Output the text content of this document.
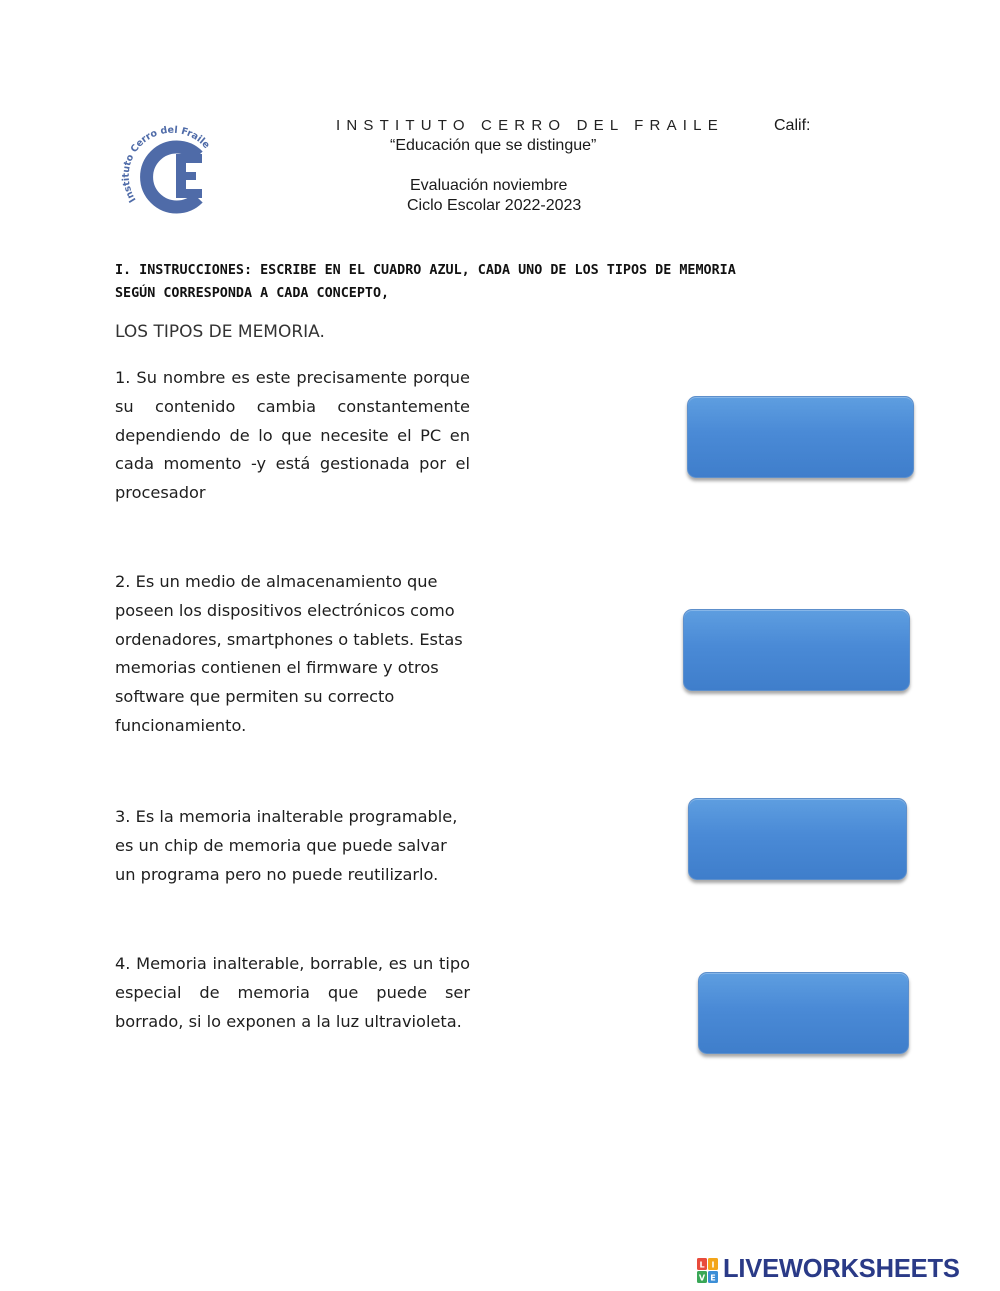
Instituto Cerro del Fraile
INSTITUTO CERRO DEL FRAILE	Calif:
“Educación que se distingue”
Evaluación noviembre
Ciclo Escolar 2022-2023
I. INSTRUCCIONES: ESCRIBE EN EL CUADRO AZUL, CADA UNO DE LOS TIPOS DE MEMORIA
SEGÚN CORRESPONDA A CADA CONCEPTO,
LOS TIPOS DE MEMORIA.
1. Su nombre es este precisamente porque su contenido cambia constantemente dependiendo de lo que necesite el PC en cada momento -y está gestionada por el procesador
2. Es un medio de almacenamiento que poseen los dispositivos electrónicos como ordenadores, smartphones o tablets. Estas memorias contienen el firmware y otros software que permiten su correcto funcionamiento.
3. Es la memoria inalterable programable, es un chip de memoria que puede salvar un programa pero no puede reutilizarlo.
4. Memoria inalterable, borrable, es un tipo especial de memoria que puede ser borrado, si lo exponen a la luz ultravioleta.
L I
V E LIVEWORKSHEETS
